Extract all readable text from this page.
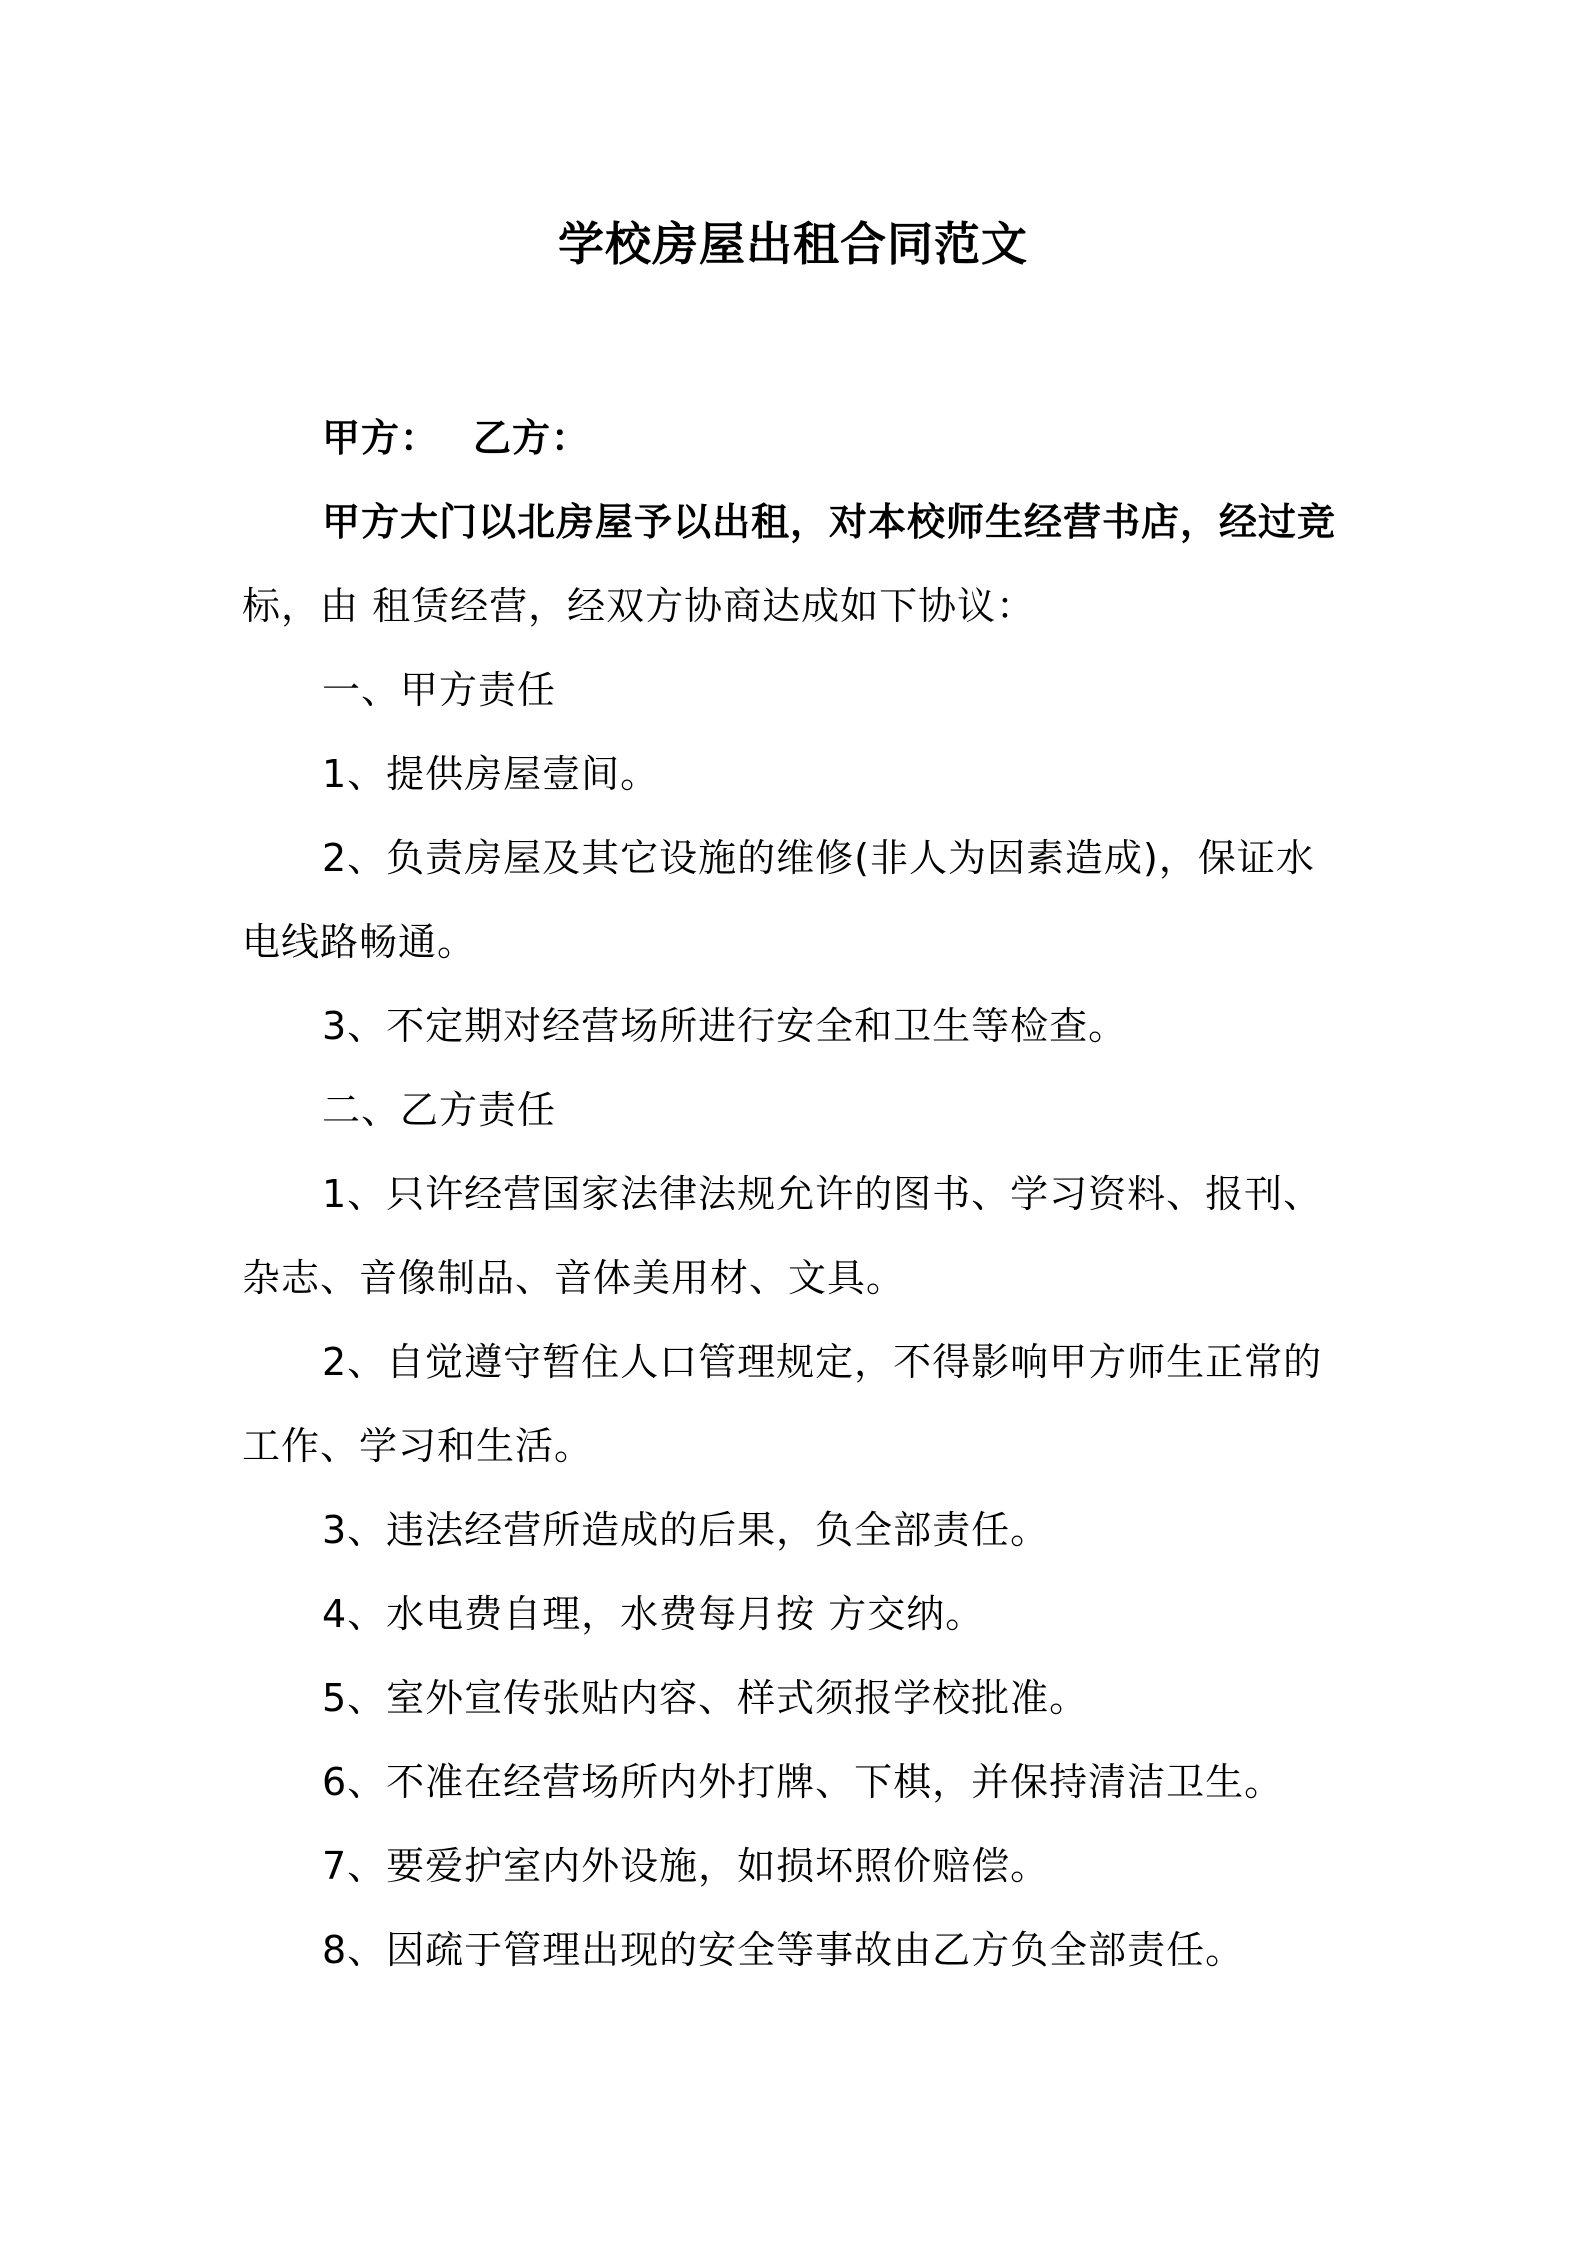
学校房屋出租合同范文
甲方： 乙方：
甲方大门以北房屋予以出租，对本校师生经营书店，经过竞
标，由 租赁经营，经双方协商达成如下协议：
一、甲方责任
1、提供房屋壹间。
2、负责房屋及其它设施的维修(非人为因素造成)，保证水
电线路畅通。
3、不定期对经营场所进行安全和卫生等检查。
二、乙方责任
1、只许经营国家法律法规允许的图书、学习资料、报刊、
杂志、音像制品、音体美用材、文具。
2、自觉遵守暂住人口管理规定，不得影响甲方师生正常的
工作、学习和生活。
3、违法经营所造成的后果，负全部责任。
4、水电费自理，水费每月按 方交纳。
5、室外宣传张贴内容、样式须报学校批准。
6、不准在经营场所内外打牌、下棋，并保持清洁卫生。
7、要爱护室内外设施，如损坏照价赔偿。
8、因疏于管理出现的安全等事故由乙方负全部责任。
